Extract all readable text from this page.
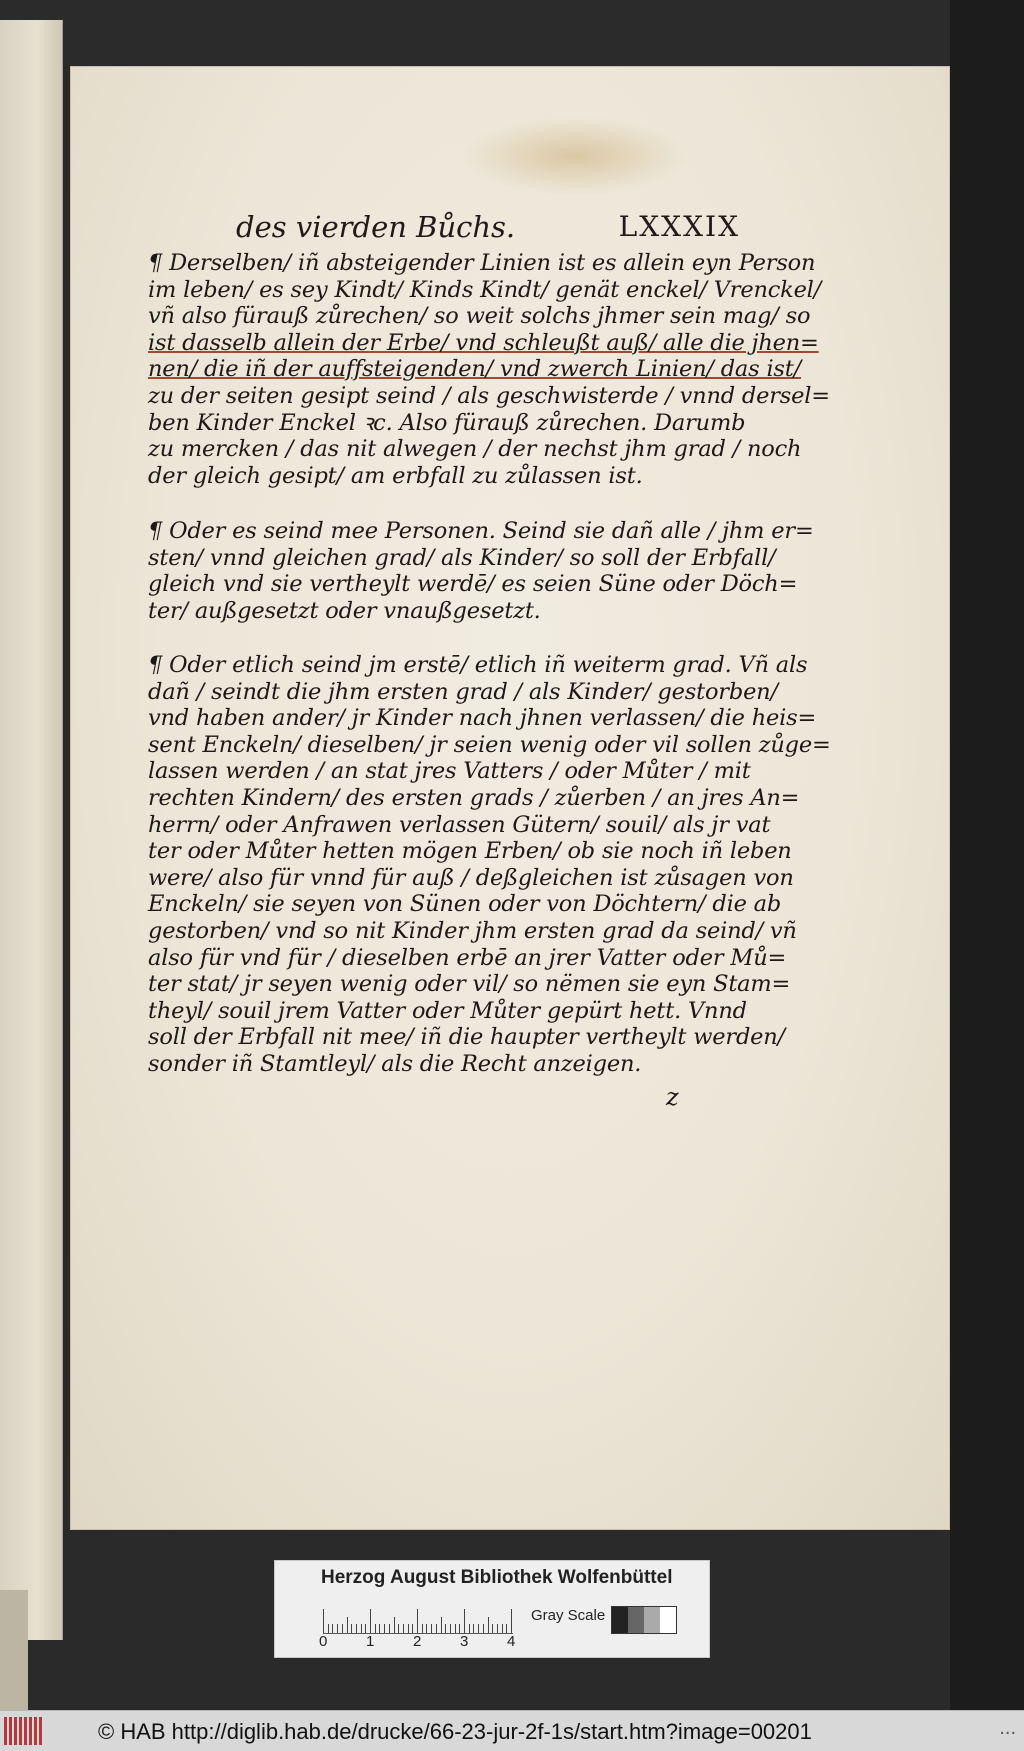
des vierden Bůchs.	LXXXIX
¶ Derselben/ iñ absteigender Linien ist es allein eyn Person
im leben/ es sey Kindt/ Kinds Kindt/ genät enckel/ Vrenckel/
vñ also fürauß zůrechen/ so weit solchs jhmer sein mag/ so
ist dasselb allein der Erbe/ vnd schleußt auß/ alle die jhen=
nen/ die iñ der auffsteigenden/ vnd zwerch Linien/ das ist/
zu der seiten gesipt seind / als geschwisterde / vnnd dersel=
ben Kinder Enckel ꝛc. Also fürauß zůrechen. Darumb
zu mercken / das nit alwegen / der nechst jhm grad / noch
der gleich gesipt/ am erbfall zu zůlassen ist.
¶ Oder es seind mee Personen. Seind sie dañ alle / jhm er=
sten/ vnnd gleichen grad/ als Kinder/ so soll der Erbfall/
gleich vnd sie vertheylt werdē/ es seien Süne oder Döch=
ter/ außgesetzt oder vnaußgesetzt.
¶ Oder etlich seind jm erstē/ etlich iñ weiterm grad. Vñ als
dañ / seindt die jhm ersten grad / als Kinder/ gestorben/
vnd haben ander/ jr Kinder nach jhnen verlassen/ die heis=
sent Enckeln/ dieselben/ jr seien wenig oder vil sollen zůge=
lassen werden / an stat jres Vatters / oder Můter / mit
rechten Kindern/ des ersten grads / zůerben / an jres An=
herrn/ oder Anfrawen verlassen Gütern/ souil/ als jr vat
ter oder Můter hetten mögen Erben/ ob sie noch iñ leben
were/ also für vnnd für auß / deßgleichen ist zůsagen von
Enckeln/ sie seyen von Sünen oder von Döchtern/ die ab
gestorben/ vnd so nit Kinder jhm ersten grad da seind/ vñ
also für vnd für / dieselben erbē an jrer Vatter oder Mů=
ter stat/ jr seyen wenig oder vil/ so nëmen sie eyn Stam=
theyl/ souil jrem Vatter oder Můter gepürt hett. Vnnd
soll der Erbfall nit mee/ iñ die haupter vertheylt werden/
sonder iñ Stamtleyl/ als die Recht anzeigen.
z
Herzog August Bibliothek Wolfenbüttel
0	1	2	3	4
Gray Scale
© HAB http://diglib.hab.de/drucke/66-23-jur-2f-1s/start.htm?image=00201	...
